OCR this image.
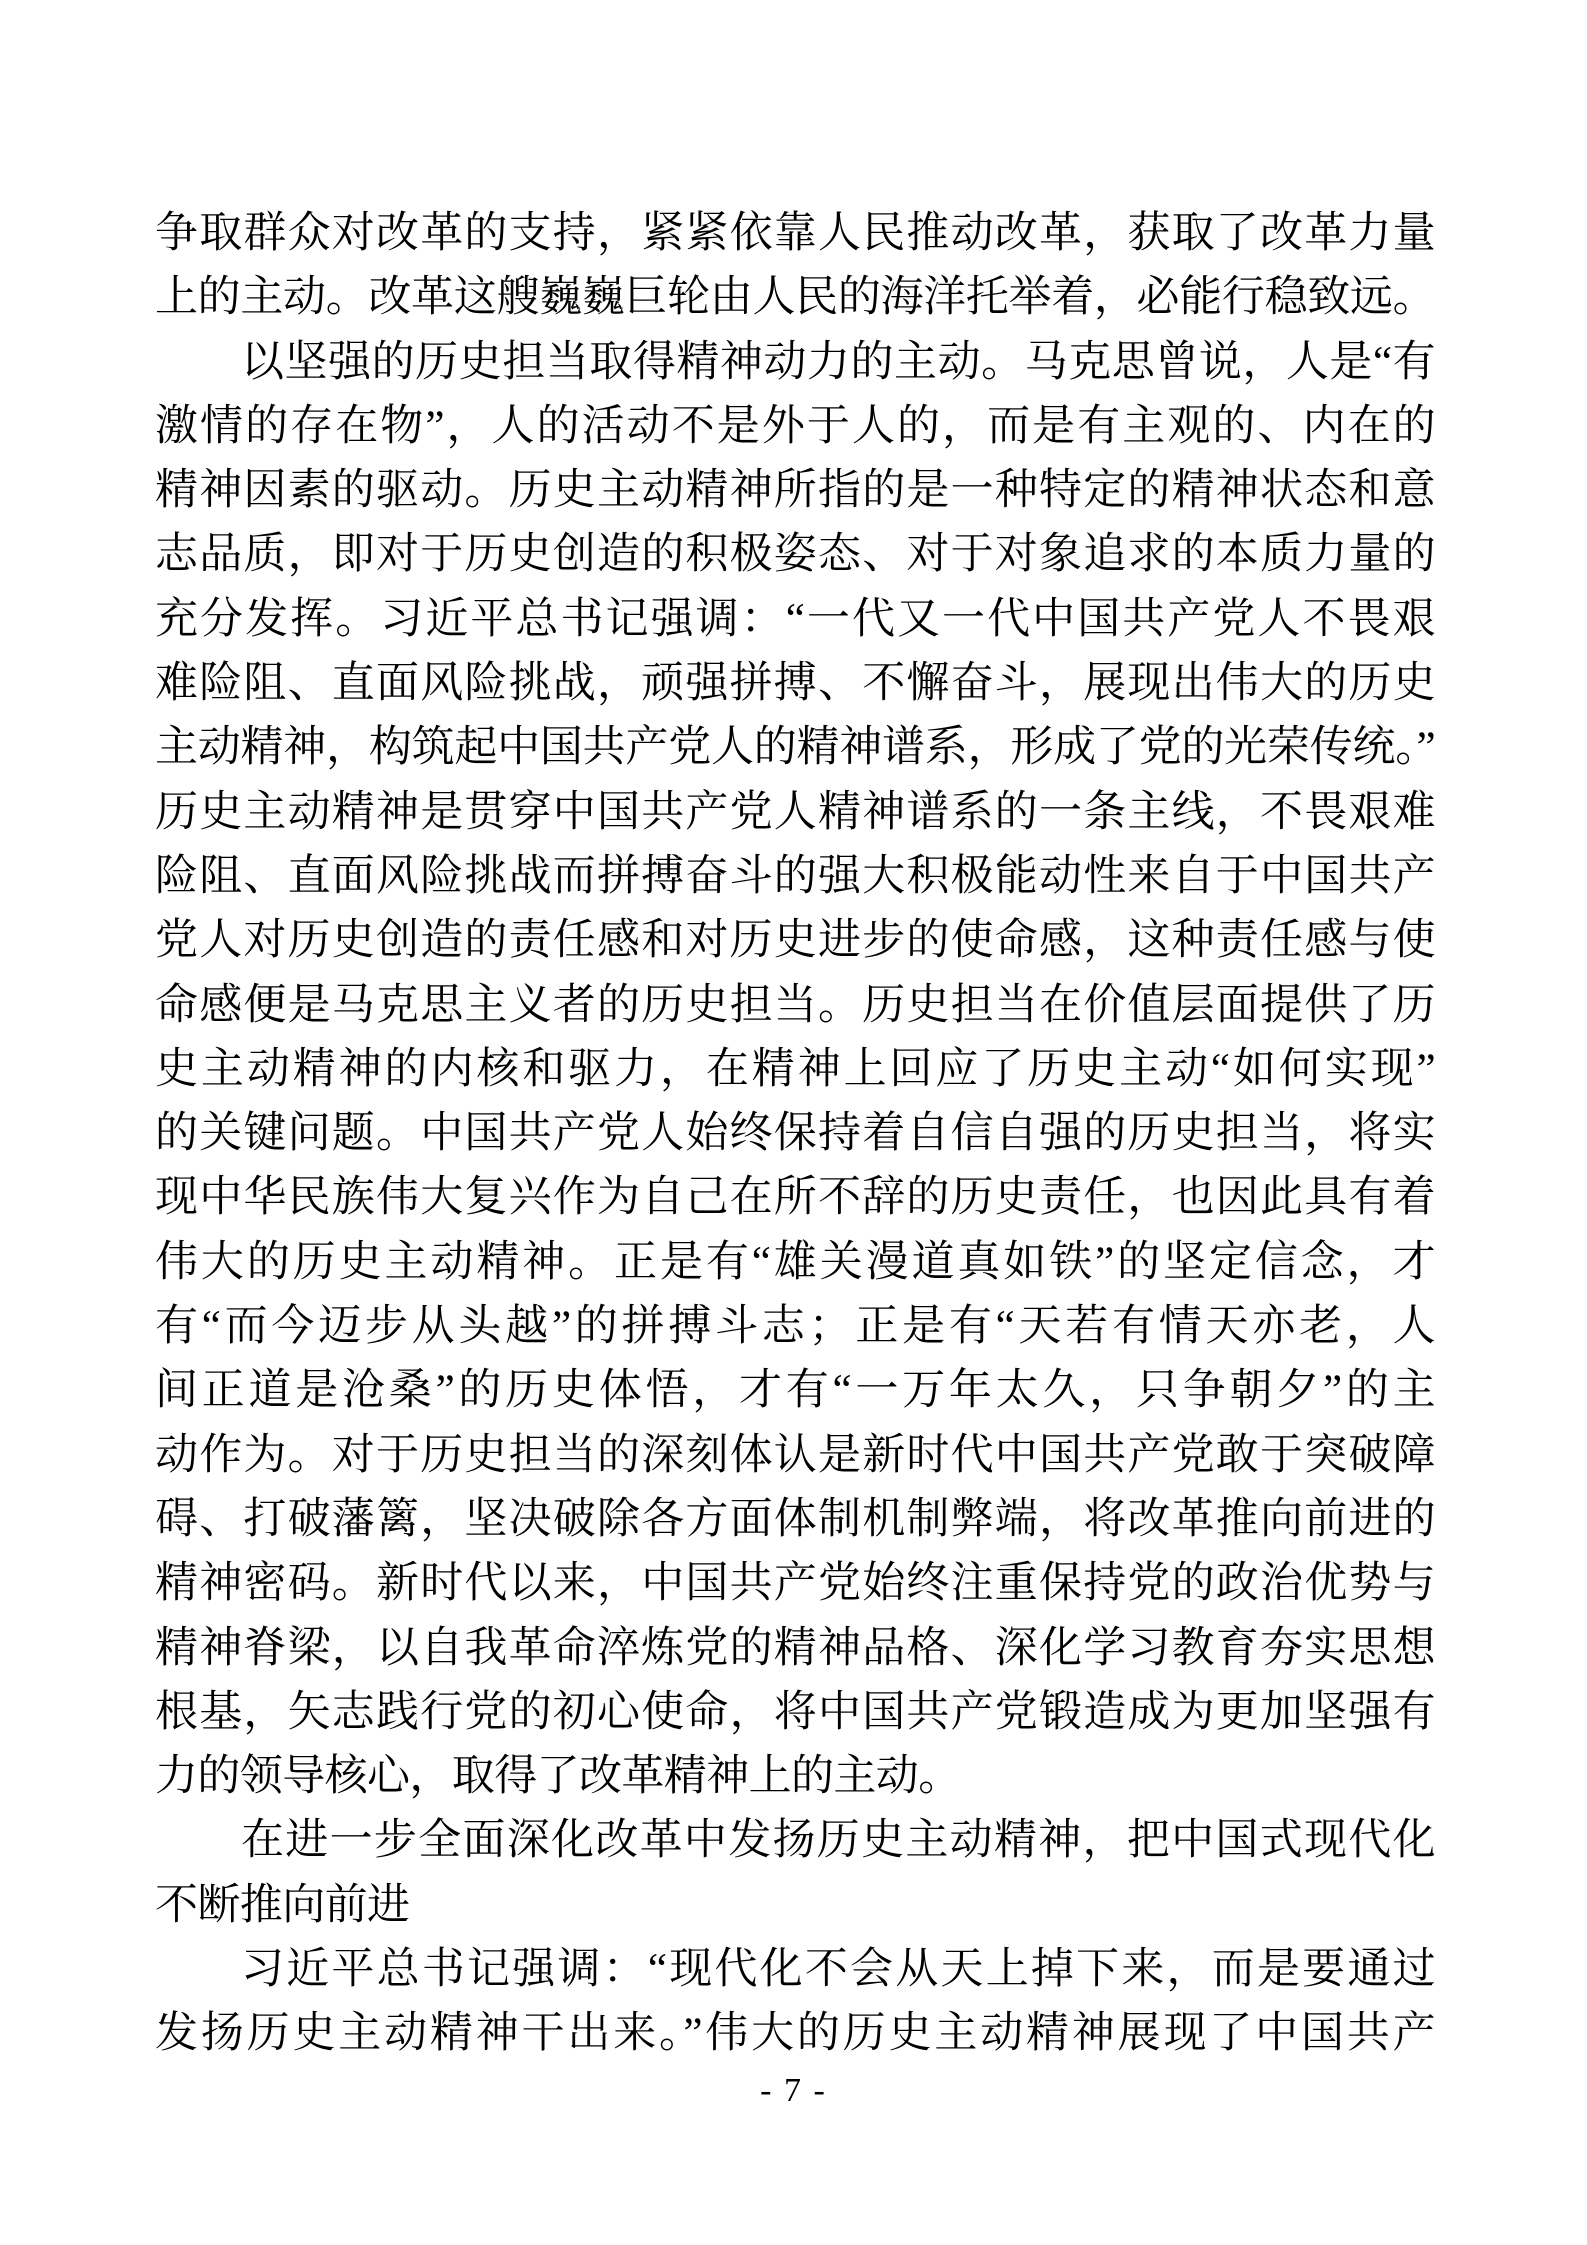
争取群众对改革的支持，紧紧依靠人民推动改革，获取了改革力量
上的主动。改革这艘巍巍巨轮由人民的海洋托举着，必能行稳致远。
以坚强的历史担当取得精神动力的主动。马克思曾说，人是“有
激情的存在物”，人的活动不是外于人的，而是有主观的、内在的
精神因素的驱动。历史主动精神所指的是一种特定的精神状态和意
志品质，即对于历史创造的积极姿态、对于对象追求的本质力量的
充分发挥。习近平总书记强调：“一代又一代中国共产党人不畏艰
难险阻、直面风险挑战，顽强拼搏、不懈奋斗，展现出伟大的历史
主动精神，构筑起中国共产党人的精神谱系，形成了党的光荣传统。”
历史主动精神是贯穿中国共产党人精神谱系的一条主线，不畏艰难
险阻、直面风险挑战而拼搏奋斗的强大积极能动性来自于中国共产
党人对历史创造的责任感和对历史进步的使命感，这种责任感与使
命感便是马克思主义者的历史担当。历史担当在价值层面提供了历
史主动精神的内核和驱力，在精神上回应了历史主动“如何实现”
的关键问题。中国共产党人始终保持着自信自强的历史担当，将实
现中华民族伟大复兴作为自己在所不辞的历史责任，也因此具有着
伟大的历史主动精神。正是有“雄关漫道真如铁”的坚定信念，才
有“而今迈步从头越”的拼搏斗志；正是有“天若有情天亦老，人
间正道是沧桑”的历史体悟，才有“一万年太久，只争朝夕”的主
动作为。对于历史担当的深刻体认是新时代中国共产党敢于突破障
碍、打破藩篱，坚决破除各方面体制机制弊端，将改革推向前进的
精神密码。新时代以来，中国共产党始终注重保持党的政治优势与
精神脊梁，以自我革命淬炼党的精神品格、深化学习教育夯实思想
根基，矢志践行党的初心使命，将中国共产党锻造成为更加坚强有
力的领导核心，取得了改革精神上的主动。
在进一步全面深化改革中发扬历史主动精神，把中国式现代化
不断推向前进
习近平总书记强调：“现代化不会从天上掉下来，而是要通过
发扬历史主动精神干出来。”伟大的历史主动精神展现了中国共产
- 7 -
